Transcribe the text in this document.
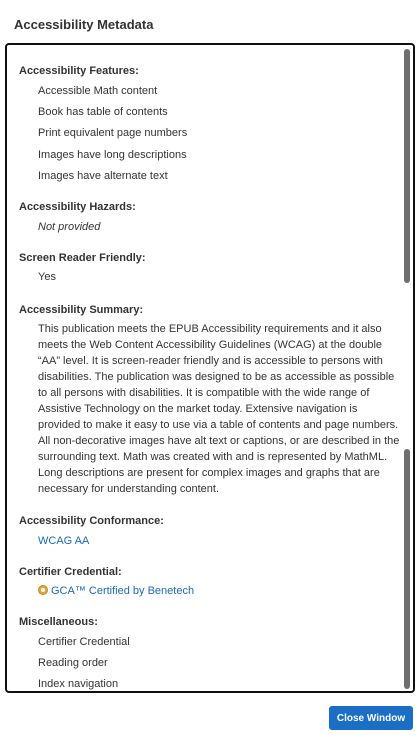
Accessibility Metadata
Accessibility Features:
Accessible Math content
Book has table of contents
Print equivalent page numbers
Images have long descriptions
Images have alternate text
Accessibility Hazards:
Not provided
Screen Reader Friendly:
Yes
Accessibility Summary:
This publication meets the EPUB Accessibility requirements and it also meets the Web Content Accessibility Guidelines (WCAG) at the double “AA” level. It is screen-reader friendly and is accessible to persons with disabilities. The publication was designed to be as accessible as possible to all persons with disabilities. It is compatible with the wide range of Assistive Technology on the market today. Extensive navigation is provided to make it easy to use via a table of contents and page numbers. All non-decorative images have alt text or captions, or are described in the surrounding text. Math was created with and is represented by MathML. Long descriptions are present for complex images and graphs that are necessary for understanding content.
Accessibility Conformance:
WCAG AA
Certifier Credential:
GCA™ Certified by Benetech
Miscellaneous:
Certifier Credential
Reading order
Index navigation
Close Window
